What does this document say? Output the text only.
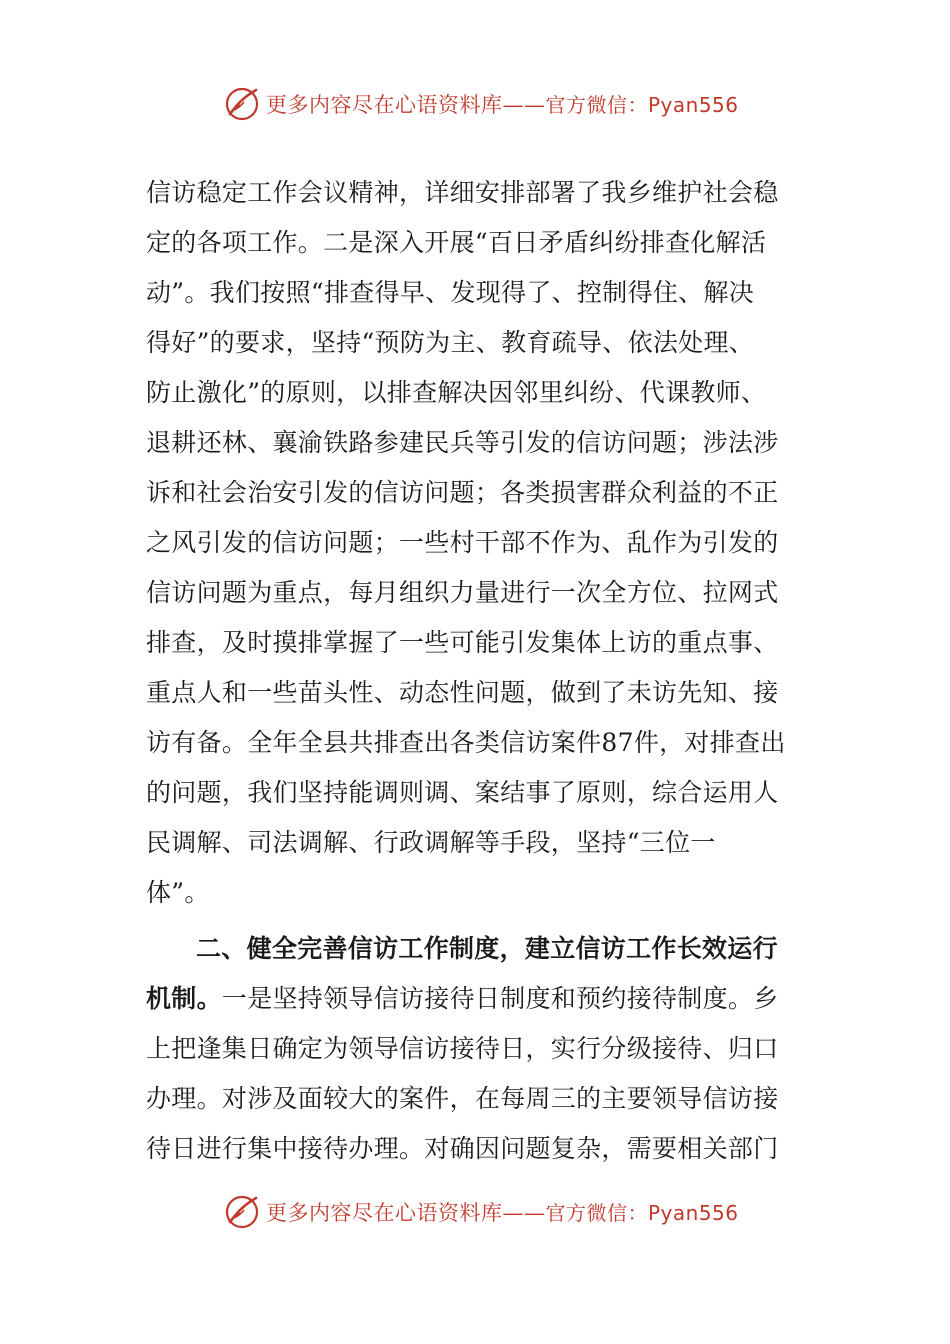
更多内容尽在心语资料库——官方微信：Pyan556
信访稳定工作会议精神，详细安排部署了我乡维护社会稳
定的各项工作。二是深入开展“百日矛盾纠纷排查化解活
动”。我们按照“排查得早、发现得了、控制得住、解决
得好”的要求，坚持“预防为主、教育疏导、依法处理、
防止激化”的原则，以排查解决因邻里纠纷、代课教师、
退耕还林、襄渝铁路参建民兵等引发的信访问题；涉法涉
诉和社会治安引发的信访问题；各类损害群众利益的不正
之风引发的信访问题；一些村干部不作为、乱作为引发的
信访问题为重点，每月组织力量进行一次全方位、拉网式
排查，及时摸排掌握了一些可能引发集体上访的重点事、
重点人和一些苗头性、动态性问题，做到了未访先知、接
访有备。全年全县共排查出各类信访案件87件，对排查出
的问题，我们坚持能调则调、案结事了原则，综合运用人
民调解、司法调解、行政调解等手段，坚持“三位一
体”。
二、健全完善信访工作制度，建立信访工作长效运行
机制。一是坚持领导信访接待日制度和预约接待制度。乡
上把逢集日确定为领导信访接待日，实行分级接待、归口
办理。对涉及面较大的案件，在每周三的主要领导信访接
待日进行集中接待办理。对确因问题复杂，需要相关部门
更多内容尽在心语资料库——官方微信：Pyan556
